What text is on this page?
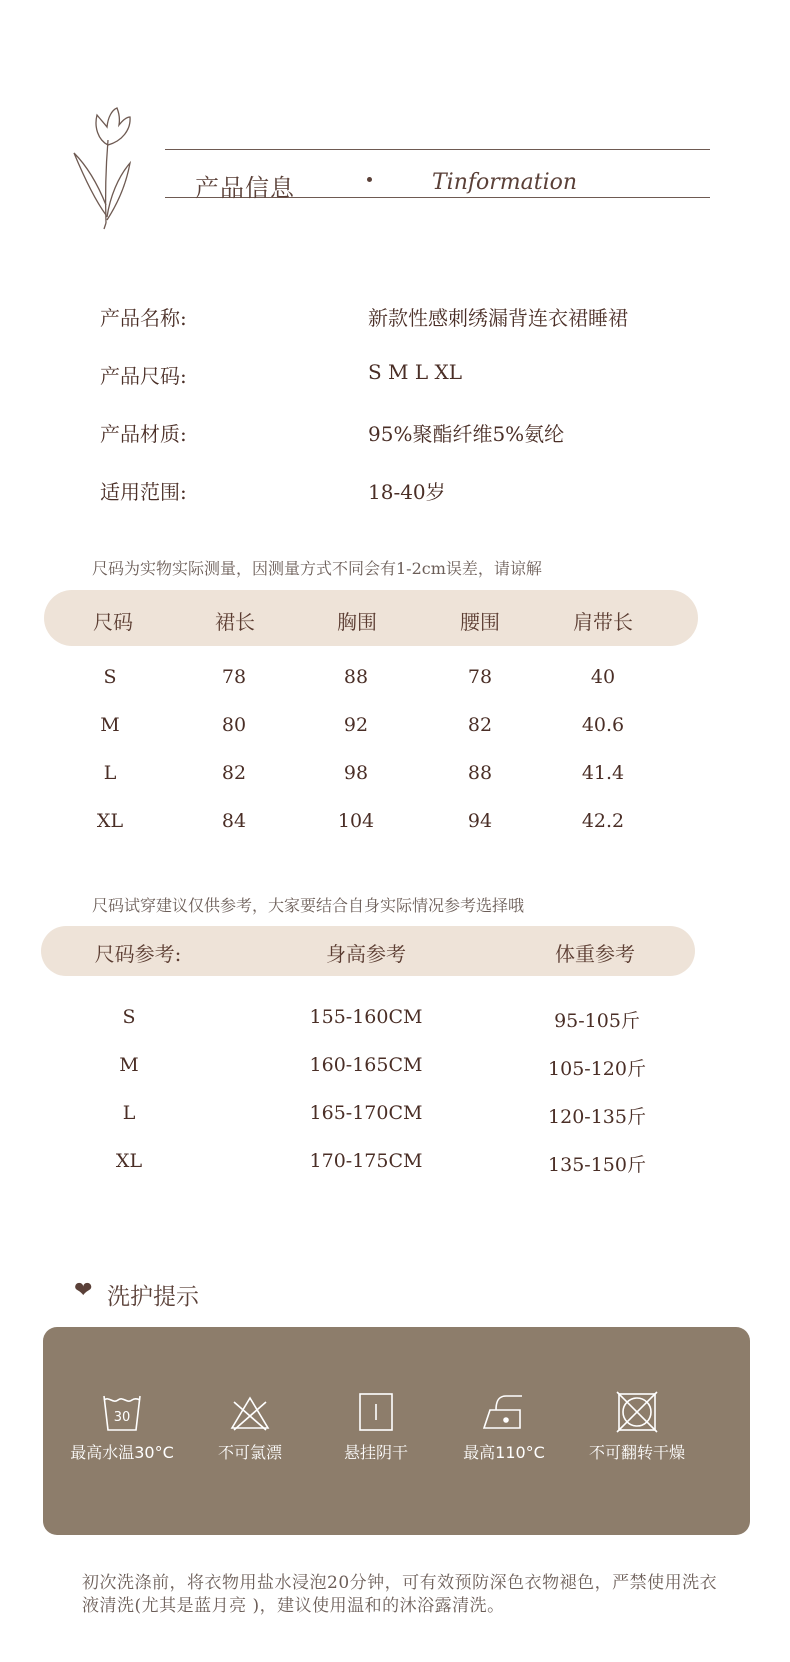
产品信息	Tinformation
产品名称:	新款性感刺绣漏背连衣裙睡裙
产品尺码:	S M L XL
产品材质:	95%聚酯纤维5%氨纶
适用范围:	18-40岁
尺码为实物实际测量，因测量方式不同会有1-2cm误差，请谅解
尺码	裙长	胸围	腰围	肩带长
S	78	88	78	40
M	80	92	82	40.6
L	82	98	88	41.4
XL	84	104	94	42.2
尺码试穿建议仅供参考，大家要结合自身实际情况参考选择哦
尺码参考:	身高参考	体重参考
S	155-160CM	95-105斤
M	160-165CM	105-120斤
L	165-170CM	120-135斤
XL	170-175CM	135-150斤
❤ 洗护提示
30
最高水温30°C	不可氯漂	悬挂阴干	最高110°C	不可翻转干燥
初次洗涤前，将衣物用盐水浸泡20分钟，可有效预防深色衣物褪色，严禁使用洗衣液清洗(尤其是蓝月亮 )，建议使用温和的沐浴露清洗。
